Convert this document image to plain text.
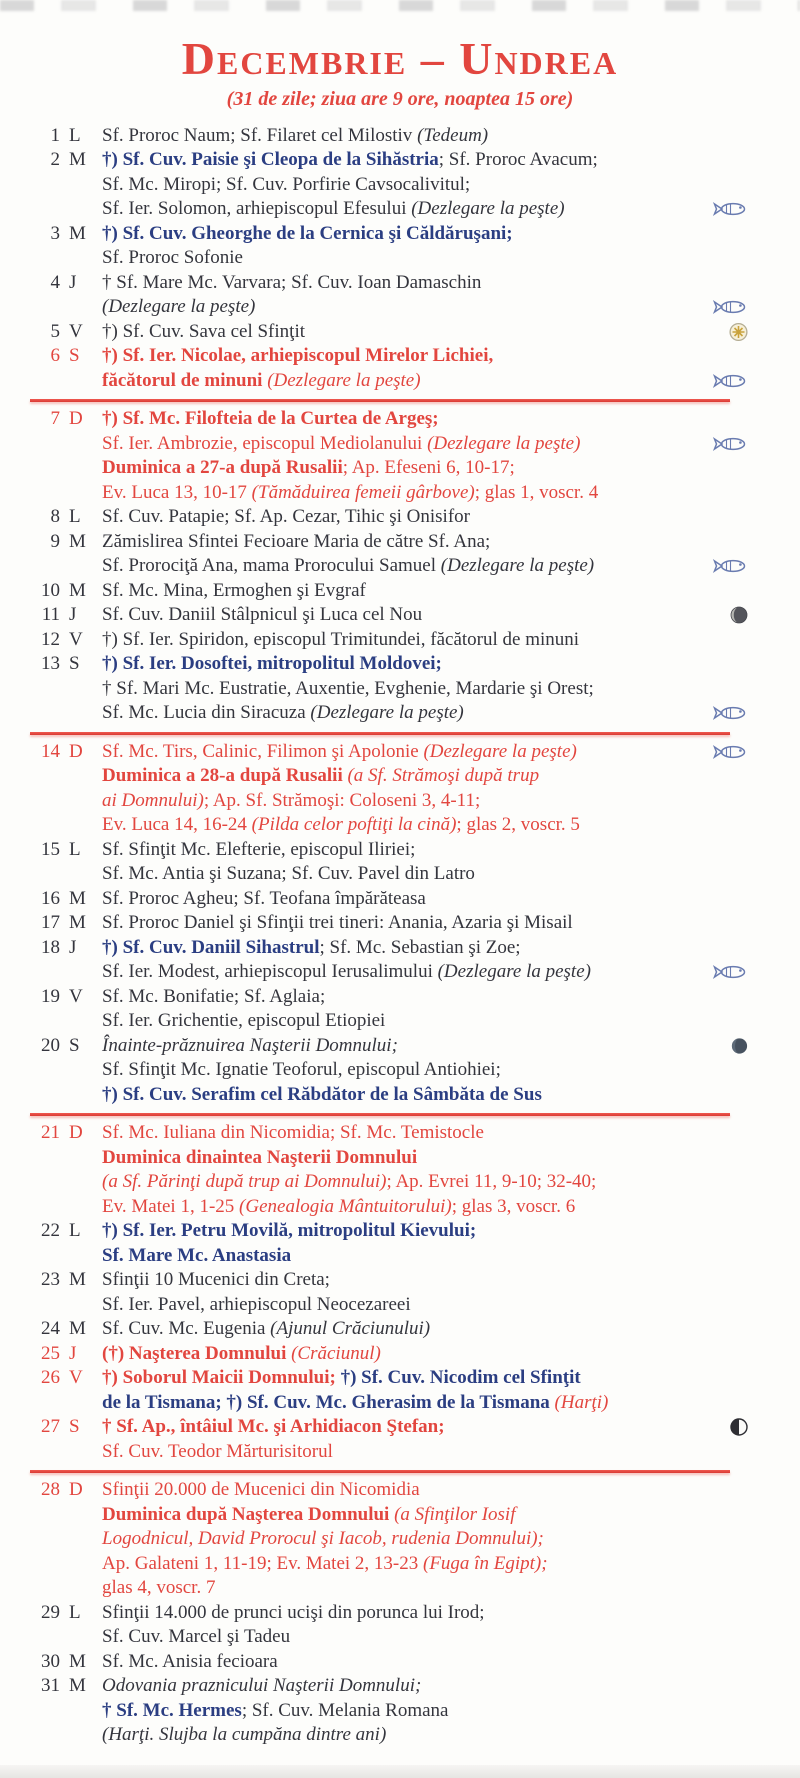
Decembrie – Undrea
(31 de zile; ziua are 9 ore, noaptea 15 ore)
1 L	Sf. Proroc Naum; Sf. Filaret cel Milostiv (Tedeum)
2 M †) Sf. Cuv. Paisie şi Cleopa de la Sihăstria; Sf. Proroc Avacum;
Sf. Mc. Miropi; Sf. Cuv. Porfirie Cavsocalivitul;
Sf. Ier. Solomon, arhiepiscopul Efesului (Dezlegare la peşte)
3 M †) Sf. Cuv. Gheorghe de la Cernica şi Căldăruşani;
Sf. Proroc Sofonie
4 J	† Sf. Mare Mc. Varvara; Sf. Cuv. Ioan Damaschin
(Dezlegare la peşte)
5 V	†) Sf. Cuv. Sava cel Sfinţit
6 S	†) Sf. Ier. Nicolae, arhiepiscopul Mirelor Lichiei,
făcătorul de minuni (Dezlegare la peşte)
7 D	†) Sf. Mc. Filofteia de la Curtea de Argeş;
Sf. Ier. Ambrozie, episcopul Mediolanului (Dezlegare la peşte)
Duminica a 27-a după Rusalii; Ap. Efeseni 6, 10-17;
Ev. Luca 13, 10-17 (Tămăduirea femeii gârbove); glas 1, voscr. 4
8 L	Sf. Cuv. Patapie; Sf. Ap. Cezar, Tihic şi Onisifor
9 M Zămislirea Sfintei Fecioare Maria de către Sf. Ana;
Sf. Prorociţă Ana, mama Prorocului Samuel (Dezlegare la peşte)
10 M Sf. Mc. Mina, Ermoghen şi Evgraf
11 J	Sf. Cuv. Daniil Stâlpnicul şi Luca cel Nou
12 V	†) Sf. Ier. Spiridon, episcopul Trimitundei, făcătorul de minuni
13 S	†) Sf. Ier. Dosoftei, mitropolitul Moldovei;
† Sf. Mari Mc. Eustratie, Auxentie, Evghenie, Mardarie şi Orest;
Sf. Mc. Lucia din Siracuza (Dezlegare la peşte)
14 D	Sf. Mc. Tirs, Calinic, Filimon şi Apolonie (Dezlegare la peşte)
Duminica a 28-a după Rusalii (a Sf. Strămoşi după trup
ai Domnului); Ap. Sf. Strămoşi: Coloseni 3, 4-11;
Ev. Luca 14, 16-24 (Pilda celor poftiţi la cină); glas 2, voscr. 5
15 L	Sf. Sfinţit Mc. Elefterie, episcopul Iliriei;
Sf. Mc. Antia şi Suzana; Sf. Cuv. Pavel din Latro
16 M Sf. Proroc Agheu; Sf. Teofana împărăteasa
17 M Sf. Proroc Daniel şi Sfinţii trei tineri: Anania, Azaria şi Misail
18 J	†) Sf. Cuv. Daniil Sihastrul; Sf. Mc. Sebastian şi Zoe;
Sf. Ier. Modest, arhiepiscopul Ierusalimului (Dezlegare la peşte)
19 V	Sf. Mc. Bonifatie; Sf. Aglaia;
Sf. Ier. Grichentie, episcopul Etiopiei
20 S	Înainte-prăznuirea Naşterii Domnului;
Sf. Sfinţit Mc. Ignatie Teoforul, episcopul Antiohiei;
†) Sf. Cuv. Serafim cel Răbdător de la Sâmbăta de Sus
21 D	Sf. Mc. Iuliana din Nicomidia; Sf. Mc. Temistocle
Duminica dinaintea Naşterii Domnului
(a Sf. Părinţi după trup ai Domnului); Ap. Evrei 11, 9-10; 32-40;
Ev. Matei 1, 1-25 (Genealogia Mântuitorului); glas 3, voscr. 6
22 L	†) Sf. Ier. Petru Movilă, mitropolitul Kievului;
Sf. Mare Mc. Anastasia
23 M Sfinţii 10 Mucenici din Creta;
Sf. Ier. Pavel, arhiepiscopul Neocezareei
24 M Sf. Cuv. Mc. Eugenia (Ajunul Crăciunului)
25 J	(†) Naşterea Domnului (Crăciunul)
26 V	†) Soborul Maicii Domnului; †) Sf. Cuv. Nicodim cel Sfinţit
de la Tismana; †) Sf. Cuv. Mc. Gherasim de la Tismana (Harţi)
27 S	† Sf. Ap., întâiul Mc. şi Arhidiacon Ştefan;
Sf. Cuv. Teodor Mărturisitorul
28 D	Sfinţii 20.000 de Mucenici din Nicomidia
Duminica după Naşterea Domnului (a Sfinţilor Iosif
Logodnicul, David Prorocul şi Iacob, rudenia Domnului);
Ap. Galateni 1, 11-19; Ev. Matei 2, 13-23 (Fuga în Egipt);
glas 4, voscr. 7
29 L	Sfinţii 14.000 de prunci ucişi din porunca lui Irod;
Sf. Cuv. Marcel şi Tadeu
30 M Sf. Mc. Anisia fecioara
31 M Odovania praznicului Naşterii Domnului;
† Sf. Mc. Hermes; Sf. Cuv. Melania Romana
(Harţi. Slujba la cumpăna dintre ani)
